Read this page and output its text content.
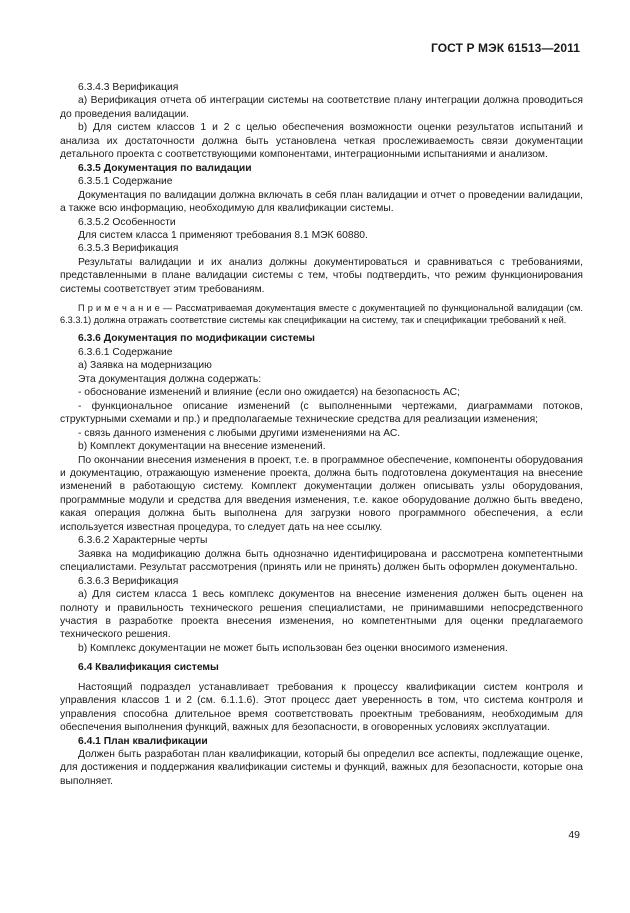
ГОСТ Р МЭК 61513—2011

6.3.4.3 Верификация

а) Верификация отчета об интеграции системы на соответствие плану интеграции должна проводиться до проведения валидации.

b) Для систем классов 1 и 2 с целью обеспечения возможности оценки результатов испытаний и анализа их достаточности должна быть установлена четкая прослеживаемость связи документации детального проекта с соответствующими компонентами, интеграционными испытаниями и анализом.

6.3.5 Документация по валидации

6.3.5.1 Содержание

Документация по валидации должна включать в себя план валидации и отчет о проведении валидации, а также всю информацию, необходимую для квалификации системы.

6.3.5.2 Особенности

Для систем класса 1 применяют требования 8.1 МЭК 60880.

6.3.5.3 Верификация

Результаты валидации и их анализ должны документироваться и сравниваться с требованиями, представленными в плане валидации системы с тем, чтобы подтвердить, что режим функционирования системы соответствует этим требованиям.

П р и м е ч а н и е — Рассматриваемая документация вместе с документацией по функциональной валидации (см. 6.3.3.1) должна отражать соответствие системы как спецификации на систему, так и спецификации требований к ней.

6.3.6 Документация по модификации системы

6.3.6.1 Содержание

а) Заявка на модернизацию

Эта документация должна содержать:

- обоснование изменений и влияние (если оно ожидается) на безопасность АС;

- функциональное описание изменений (с выполненными чертежами, диаграммами потоков, структурными схемами и пр.) и предполагаемые технические средства для реализации изменения;

- связь данного изменения с любыми другими изменениями на АС.

b) Комплект документации на внесение изменений.

По окончании внесения изменения в проект, т.е. в программное обеспечение, компоненты оборудования и документацию, отражающую изменение проекта, должна быть подготовлена документация на внесение изменений в работающую систему. Комплект документации должен описывать узлы оборудования, программные модули и средства для введения изменения, т.е. какое оборудование должно быть введено, какая операция должна быть выполнена для загрузки нового программного обеспечения, а если используется известная процедура, то следует дать на нее ссылку.

6.3.6.2 Характерные черты

Заявка на модификацию должна быть однозначно идентифицирована и рассмотрена компетентными специалистами. Результат рассмотрения (принять или не принять) должен быть оформлен документально.

6.3.6.3 Верификация

а) Для систем класса 1 весь комплекс документов на внесение изменения должен быть оценен на полноту и правильность технического решения специалистами, не принимавшими непосредственного участия в разработке проекта внесения изменения, но компетентными для оценки предлагаемого технического решения.

b) Комплекс документации не может быть использован без оценки вносимого изменения.

6.4 Квалификация системы

Настоящий подраздел устанавливает требования к процессу квалификации систем контроля и управления классов 1 и 2 (см. 6.1.1.6). Этот процесс дает уверенность в том, что система контроля и управления способна длительное время соответствовать проектным требованиям, необходимым для обеспечения выполнения функций, важных для безопасности, в оговоренных условиях эксплуатации.

6.4.1 План квалификации

Должен быть разработан план квалификации, который бы определил все аспекты, подлежащие оценке, для достижения и поддержания квалификации системы и функций, важных для безопасности, которые она выполняет.

49
